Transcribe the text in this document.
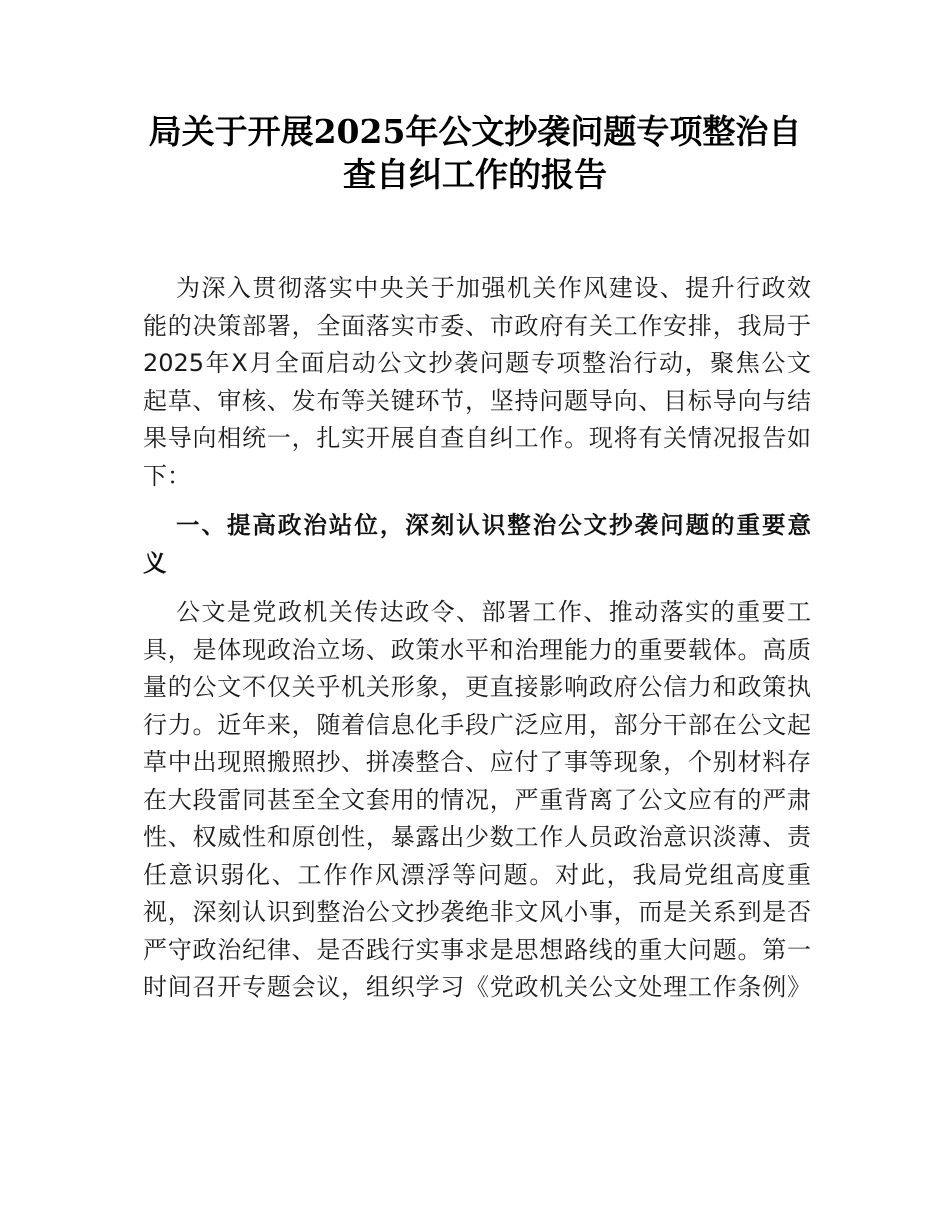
局关于开展2025年公文抄袭问题专项整治自
查自纠工作的报告
为深入贯彻落实中央关于加强机关作风建设、提升行政效
能的决策部署，全面落实市委、市政府有关工作安排，我局于
2025年X月全面启动公文抄袭问题专项整治行动，聚焦公文
起草、审核、发布等关键环节，坚持问题导向、目标导向与结
果导向相统一，扎实开展自查自纠工作。现将有关情况报告如
下：
一、提高政治站位，深刻认识整治公文抄袭问题的重要意
义
公文是党政机关传达政令、部署工作、推动落实的重要工
具，是体现政治立场、政策水平和治理能力的重要载体。高质
量的公文不仅关乎机关形象，更直接影响政府公信力和政策执
行力。近年来，随着信息化手段广泛应用，部分干部在公文起
草中出现照搬照抄、拼凑整合、应付了事等现象，个别材料存
在大段雷同甚至全文套用的情况，严重背离了公文应有的严肃
性、权威性和原创性，暴露出少数工作人员政治意识淡薄、责
任意识弱化、工作作风漂浮等问题。对此，我局党组高度重
视，深刻认识到整治公文抄袭绝非文风小事，而是关系到是否
严守政治纪律、是否践行实事求是思想路线的重大问题。第一
时间召开专题会议，组织学习《党政机关公文处理工作条例》
